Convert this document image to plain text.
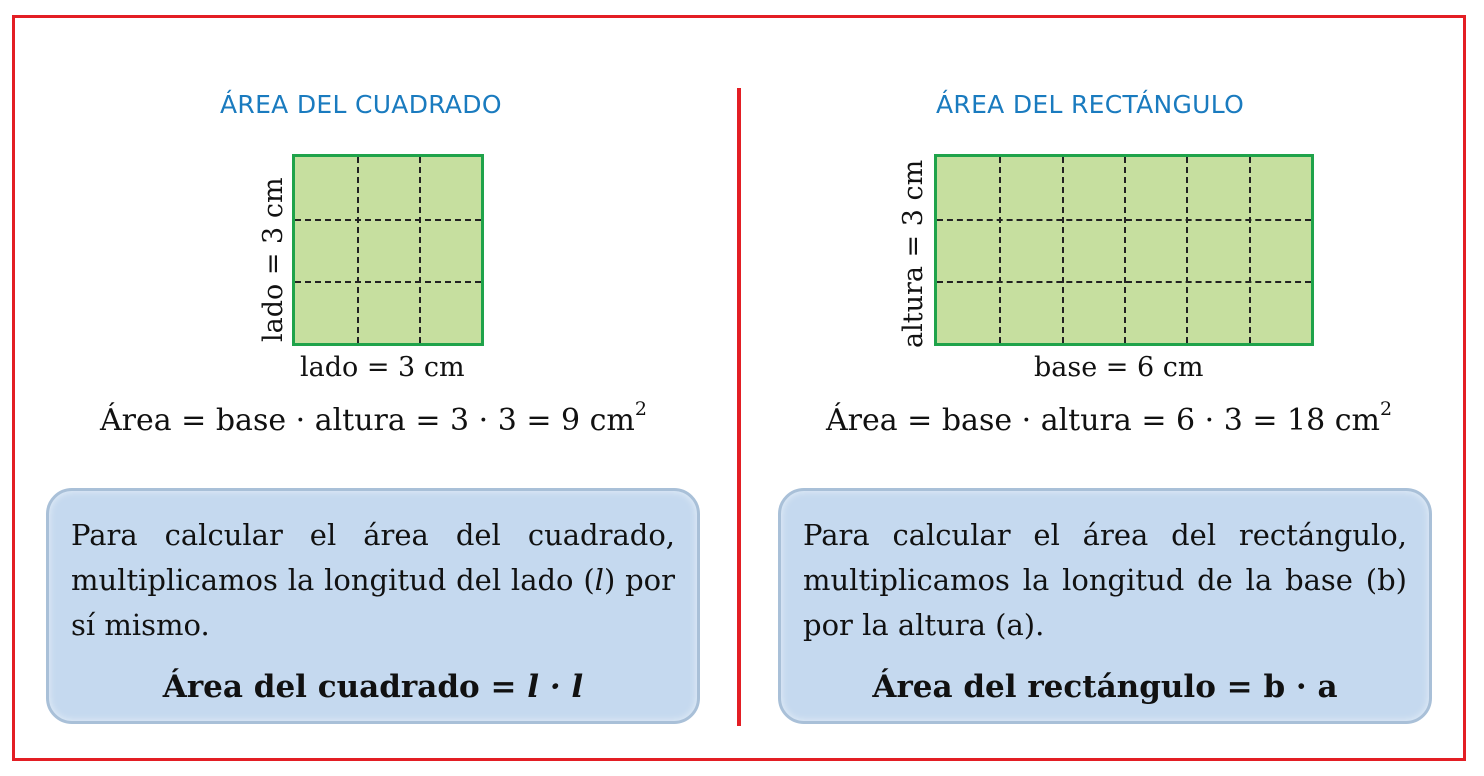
ÁREA DEL CUADRADO
lado = 3 cm
lado = 3 cm
Área = base · altura = 3 · 3 = 9 $cm^2$
Para calcular el área del cuadrado, multiplicamos la longitud del lado (l) por sí mismo.
Área del cuadrado = l · l
ÁREA DEL RECTÁNGULO
altura = 3 cm
base = 6 cm
Área = base · altura = 6 · 3 = 18 $cm^2$
Para calcular el área del rectángulo, multiplicamos la longitud de la base (b) por la altura (a).
Área del rectángulo = b · a
